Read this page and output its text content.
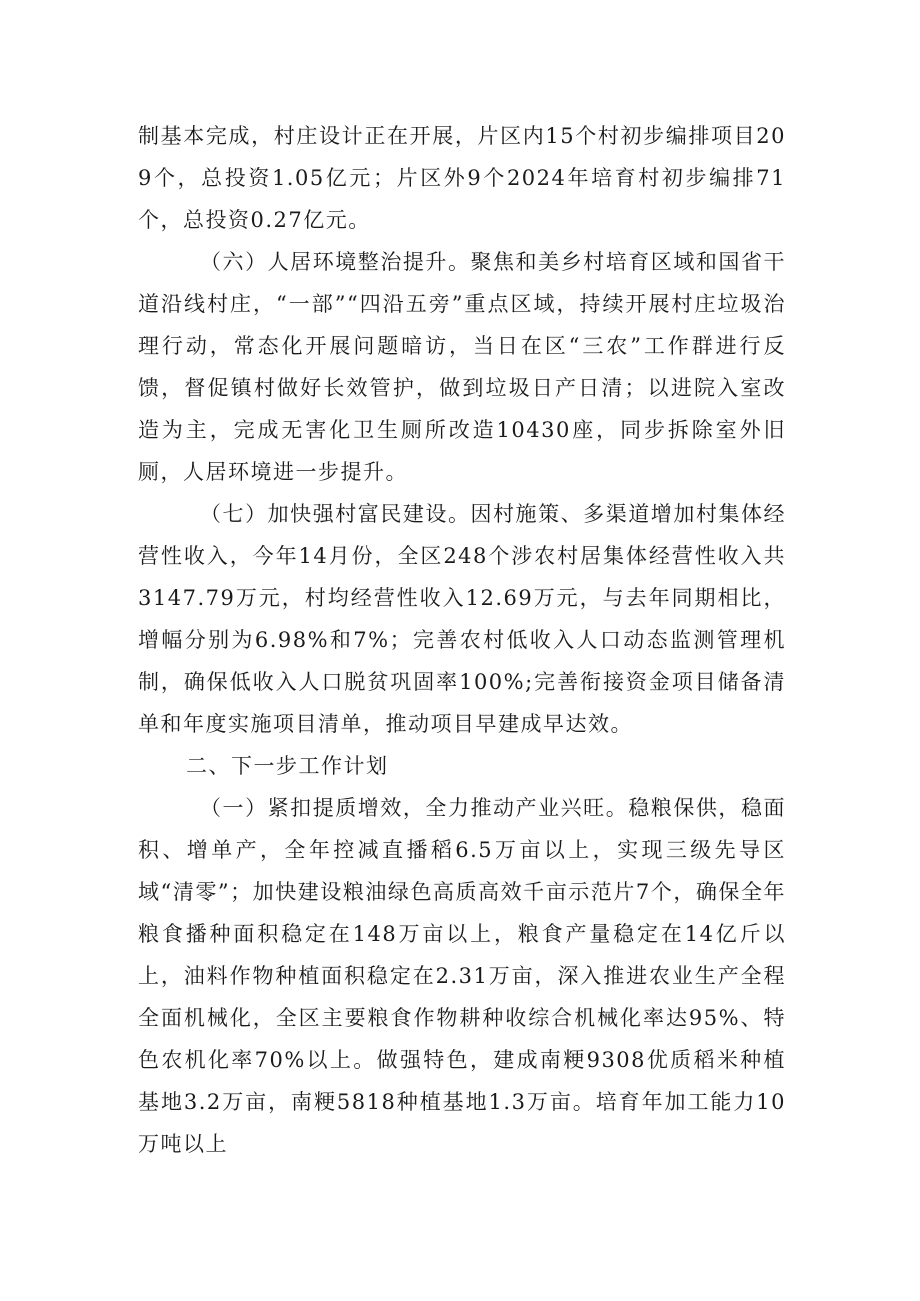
制基本完成，村庄设计正在开展，片区内15个村初步编排项目209个，总投资1.05亿元；片区外9个2024年培育村初步编排71个，总投资0.27亿元。

（六）人居环境整治提升。聚焦和美乡村培育区域和国省干道沿线村庄，“一部”“四沿五旁”重点区域，持续开展村庄垃圾治理行动，常态化开展问题暗访，当日在区“三农”工作群进行反馈，督促镇村做好长效管护，做到垃圾日产日清；以进院入室改造为主，完成无害化卫生厕所改造10430座，同步拆除室外旧厕，人居环境进一步提升。

（七）加快强村富民建设。因村施策、多渠道增加村集体经营性收入，今年14月份，全区248个涉农村居集体经营性收入共3147.79万元，村均经营性收入12.69万元，与去年同期相比，增幅分别为6.98%和7%；完善农村低收入人口动态监测管理机制，确保低收入人口脱贫巩固率100%;完善衔接资金项目储备清单和年度实施项目清单，推动项目早建成早达效。

二、下一步工作计划

（一）紧扣提质增效，全力推动产业兴旺。稳粮保供，稳面积、增单产，全年控减直播稻6.5万亩以上，实现三级先导区域“清零”；加快建设粮油绿色高质高效千亩示范片7个，确保全年粮食播种面积稳定在148万亩以上，粮食产量稳定在14亿斤以上，油料作物种植面积稳定在2.31万亩，深入推进农业生产全程全面机械化，全区主要粮食作物耕种收综合机械化率达95%、特色农机化率70%以上。做强特色，建成南粳9308优质稻米种植基地3.2万亩，南粳5818种植基地1.3万亩。培育年加工能力10万吨以上
